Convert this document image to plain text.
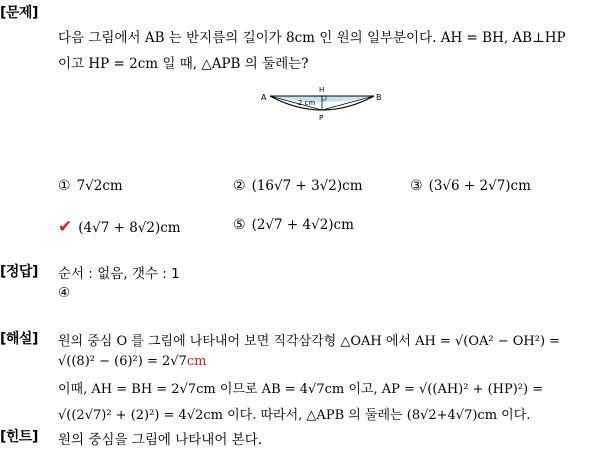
[문제]
다음 그림에서 AB 는 반지름의 길이가 8cm 인 원의 일부분이다. AH = BH, AB⊥HP
이고 HP = 2cm 일 때, △APB 의 둘레는?
A	B
H
P
2 cm
① 7√2cm	② (16√7 + 3√2)cm	③ (3√6 + 2√7)cm
✔ (4√7 + 8√2)cm	⑤ (2√7 + 4√2)cm
[정답] 순서 : 없음, 갯수 : 1
④
[해설] 원의 중심 O 를 그림에 나타내어 보면 직각삼각형 △OAH 에서 AH = √(OA² − OH²) =
√((8)² − (6)²) = 2√7cm
이때, AH = BH = 2√7cm 이므로 AB = 4√7cm 이고, AP = √((AH)² + (HP)²) =
√((2√7)² + (2)²) = 4√2cm 이다. 따라서, △APB 의 둘레는 (8√2+4√7)cm 이다.
[힌트] 원의 중심을 그림에 나타내어 본다.
